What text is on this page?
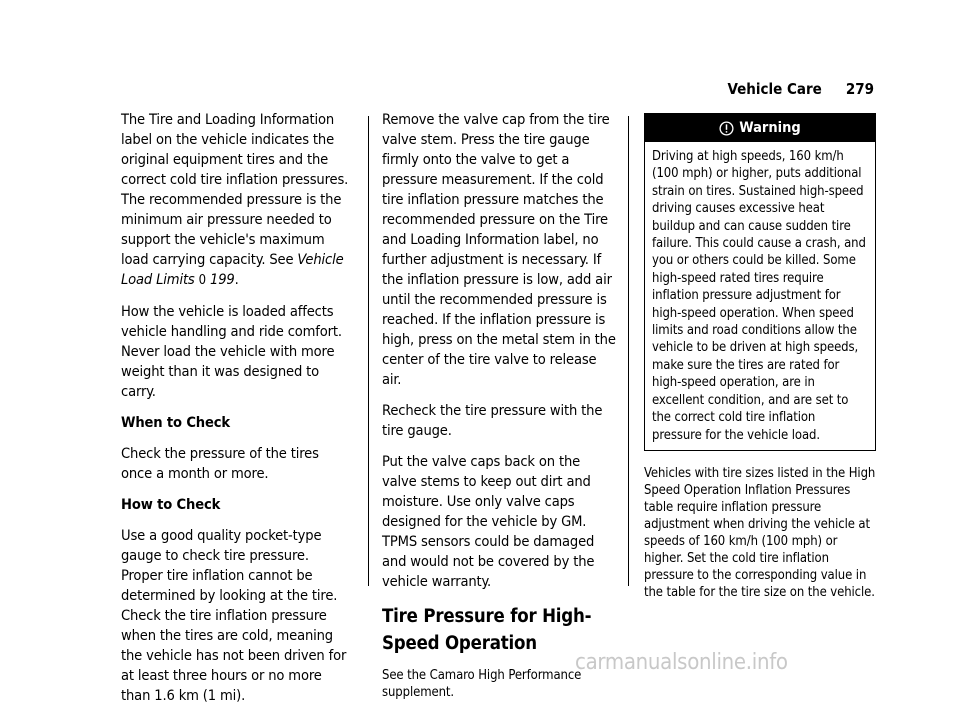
Vehicle Care 279

The Tire and Loading Information label on the vehicle indicates the original equipment tires and the correct cold tire inflation pressures. The recommended pressure is the minimum air pressure needed to support the vehicle's maximum load carrying capacity. See Vehicle Load Limits 0 199.

How the vehicle is loaded affects vehicle handling and ride comfort. Never load the vehicle with more weight than it was designed to carry.

When to Check

Check the pressure of the tires once a month or more.

How to Check

Use a good quality pocket-type gauge to check tire pressure. Proper tire inflation cannot be determined by looking at the tire. Check the tire inflation pressure when the tires are cold, meaning the vehicle has not been driven for at least three hours or no more than 1.6 km (1 mi).

Remove the valve cap from the tire valve stem. Press the tire gauge firmly onto the valve to get a pressure measurement. If the cold tire inflation pressure matches the recommended pressure on the Tire and Loading Information label, no further adjustment is necessary. If the inflation pressure is low, add air until the recommended pressure is reached. If the inflation pressure is high, press on the metal stem in the center of the tire valve to release air.

Recheck the tire pressure with the tire gauge.

Put the valve caps back on the valve stems to keep out dirt and moisture. Use only valve caps designed for the vehicle by GM. TPMS sensors could be damaged and would not be covered by the vehicle warranty.

Tire Pressure for High-Speed Operation

See the Camaro High Performance supplement.

Warning
Driving at high speeds, 160 km/h (100 mph) or higher, puts additional strain on tires. Sustained high-speed driving causes excessive heat buildup and can cause sudden tire failure. This could cause a crash, and you or others could be killed. Some high-speed rated tires require inflation pressure adjustment for high-speed operation. When speed limits and road conditions allow the vehicle to be driven at high speeds, make sure the tires are rated for high-speed operation, are in excellent condition, and are set to the correct cold tire inflation pressure for the vehicle load.

Vehicles with tire sizes listed in the High Speed Operation Inflation Pressures table require inflation pressure adjustment when driving the vehicle at speeds of 160 km/h (100 mph) or higher. Set the cold tire inflation pressure to the corresponding value in the table for the tire size on the vehicle.

carmanualsonline.info
